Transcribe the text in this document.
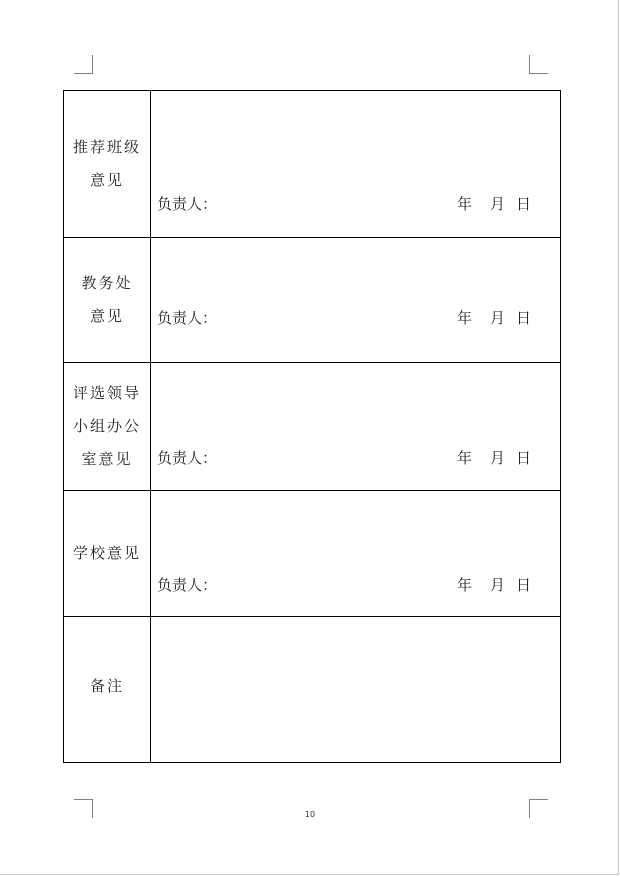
推荐班级意见	负责人： 年 月 日

教务处意见	负责人： 年 月 日

评选领导小组办公室意见	负责人： 年 月 日

学校意见	负责人： 年 月 日

备注	

10
